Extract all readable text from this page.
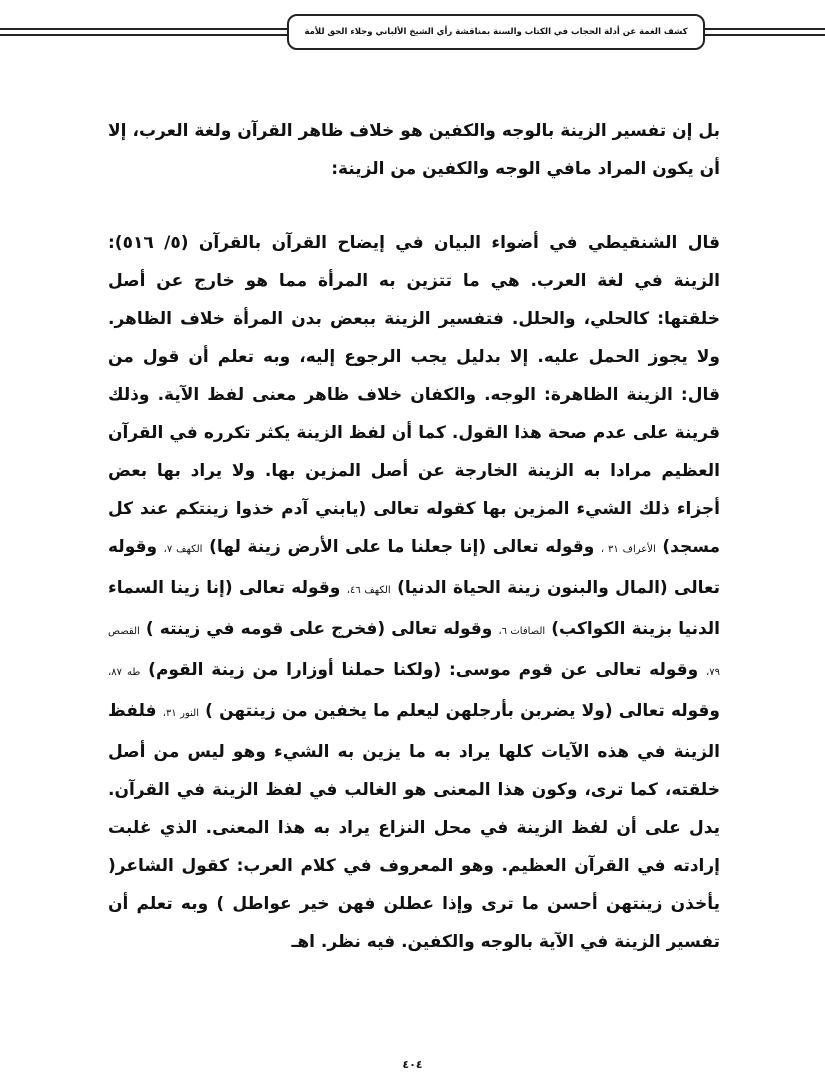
كشف الغمة عن أدلة الحجاب في الكتاب والسنة بمناقشة رأي الشيخ الألباني وجلاء الحق للأمة

بل إن تفسير الزينة بالوجه والكفين هو خلاف ظاهر القرآن ولغة العرب، إلا أن يكون المراد مافي الوجه والكفين من الزينة:

قال الشنقيطي في أضواء البيان في إيضاح القرآن بالقرآن (٥/ ٥١٦): الزينة في لغة العرب. هي ما تتزين به المرأة مما هو خارج عن أصل خلقتها: كالحلي، والحلل. فتفسير الزينة ببعض بدن المرأة خلاف الظاهر. ولا يجوز الحمل عليه. إلا بدليل يجب الرجوع إليه، وبه تعلم أن قول من قال: الزينة الظاهرة: الوجه. والكفان خلاف ظاهر معنى لفظ الآية. وذلك قرينة على عدم صحة هذا القول. كما أن لفظ الزينة يكثر تكرره في القرآن العظيم مرادا به الزينة الخارجة عن أصل المزين بها. ولا يراد بها بعض أجزاء ذلك الشيء المزين بها كقوله تعالى (يابني آدم خذوا زينتكم عند كل مسجد) الأعراف ٣١ ، وقوله تعالى (إنا جعلنا ما على الأرض زينة لها) الكهف ٧، وقوله تعالى (المال والبنون زينة الحياة الدنيا) الكهف ٤٦، وقوله تعالى (إنا زينا السماء الدنيا بزينة الكواكب) الصافات ٦، وقوله تعالى (فخرج على قومه في زينته ) القصص ٧٩، وقوله تعالى عن قوم موسى: (ولكنا حملنا أوزارا من زينة القوم) طه ٨٧، وقوله تعالى (ولا يضربن بأرجلهن ليعلم ما يخفين من زينتهن ) النور ٣١، فلفظ الزينة في هذه الآيات كلها يراد به ما يزين به الشيء وهو ليس من أصل خلقته، كما ترى، وكون هذا المعنى هو الغالب في لفظ الزينة في القرآن. يدل على أن لفظ الزينة في محل النزاع يراد به هذا المعنى. الذي غلبت إرادته في القرآن العظيم. وهو المعروف في كلام العرب: كقول الشاعر( يأخذن زينتهن أحسن ما ترى وإذا عطلن فهن خير عواطل ) وبه تعلم أن تفسير الزينة في الآية بالوجه والكفين. فيه نظر. اهـ

٤٠٤
